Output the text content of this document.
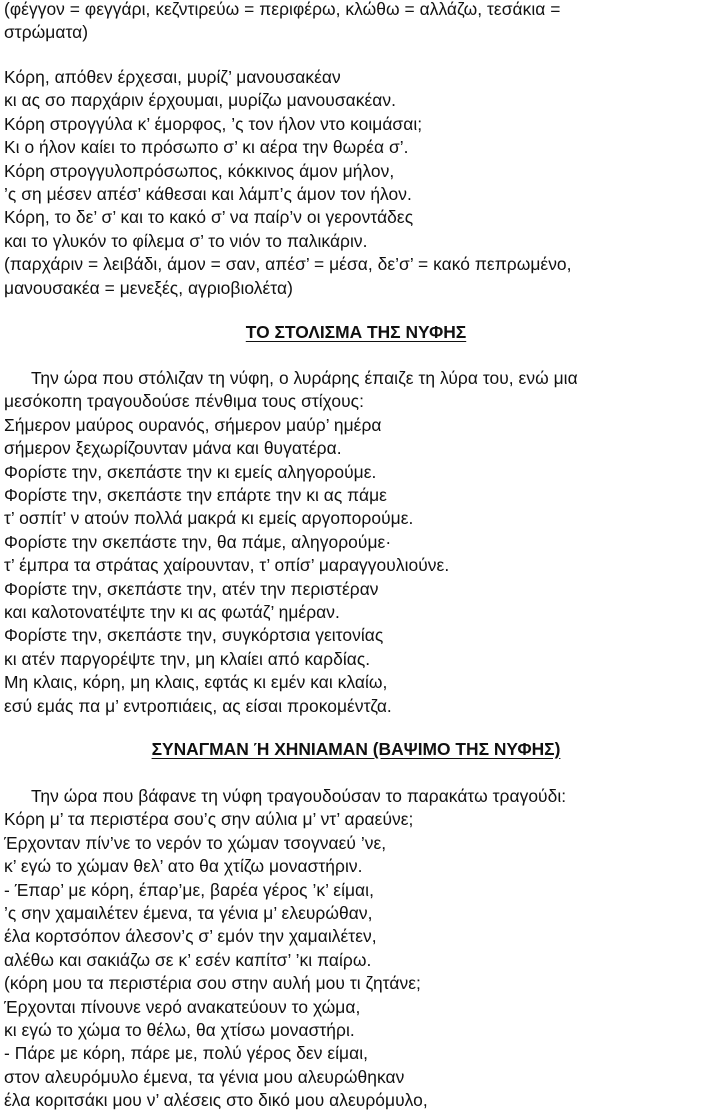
(φέγγον = φεγγάρι, κεζντιρεύω = περιφέρω, κλώθω = αλλάζω, τεσάκια =
στρώματα)
Κόρη, απόθεν έρχεσαι, μυρίζ’ μανουσακέαν
κι ας σο παρχάριν έρχουμαι, μυρίζω μανουσακέαν.
Κόρη στρογγύλα κ’ έμορφος, ’ς τον ήλον ντο κοιμάσαι;
Κι ο ήλον καίει το πρόσωπο σ’ κι αέρα την θωρέα σ’.
Κόρη στρογγυλοπρόσωπος, κόκκινος άμον μήλον,
’ς ση μέσεν απέσ’ κάθεσαι και λάμπ’ς άμον τον ήλον.
Κόρη, το δε’ σ’ και το κακό σ’ να παίρ’ν οι γεροντάδες
και το γλυκόν το φίλεμα σ’ το νιόν το παλικάριν.
(παρχάριν = λειβάδι, άμον = σαν, απέσ’ = μέσα, δε’σ’ = κακό πεπρωμένο,
μανουσακέα = μενεξές, αγριοβιολέτα)
ΤΟ ΣΤΟΛΙΣΜΑ ΤΗΣ ΝΥΦΗΣ
Την ώρα που στόλιζαν τη νύφη, ο λυράρης έπαιζε τη λύρα του, ενώ μια
μεσόκοπη τραγουδούσε πένθιμα τους στίχους:
Σήμερον μαύρος ουρανός, σήμερον μαύρ’ ημέρα
σήμερον ξεχωρίζουνταν μάνα και θυγατέρα.
Φορίστε την, σκεπάστε την κι εμείς αληγορούμε.
Φορίστε την, σκεπάστε την επάρτε την κι ας πάμε
τ’ οσπίτ’ ν ατούν πολλά μακρά κι εμείς αργοπορούμε.
Φορίστε την σκεπάστε την, θα πάμε, αληγορούμε·
τ’ έμπρα τα στράτας χαίρουνταν, τ’ οπίσ’ μαραγγουλιούνε.
Φορίστε την, σκεπάστε την, ατέν την περιστέραν
και καλοτονατέψτε την κι ας φωτάζ’ ημέραν.
Φορίστε την, σκεπάστε την, συγκόρτσια γειτονίας
κι ατέν παργορέψτε την, μη κλαίει από καρδίας.
Μη κλαις, κόρη, μη κλαις, εφτάς κι εμέν και κλαίω,
εσύ εμάς πα μ’ εντροπιάεις, ας είσαι προκομέντζα.
ΣΥΝΑΓΜΑΝ Ή ΧΗΝΙΑΜΑΝ (ΒΑΨΙΜΟ ΤΗΣ ΝΥΦΗΣ)
Την ώρα που βάφανε τη νύφη τραγουδούσαν το παρακάτω τραγούδι:
Κόρη μ’ τα περιστέρα σου’ς σην αύλια μ’ ντ’ αραεύνε;
Έρχονταν πίν’νε το νερόν το χώμαν τσογναεύ ’νε,
κ’ εγώ το χώμαν θελ’ ατο θα χτίζω μοναστήριν.
- Έπαρ’ με κόρη, έπαρ’με, βαρέα γέρος ’κ’ είμαι,
’ς σην χαμαιλέτεν έμενα, τα γένια μ’ ελευρώθαν,
έλα κορτσόπον άλεσον’ς σ’ εμόν την χαμαιλέτεν,
αλέθω και σακιάζω σε κ’ εσέν καπίτσ’ ’κι παίρω.
(κόρη μου τα περιστέρια σου στην αυλή μου τι ζητάνε;
Έρχονται πίνουνε νερό ανακατεύουν το χώμα,
κι εγώ το χώμα το θέλω, θα χτίσω μοναστήρι.
- Πάρε με κόρη, πάρε με, πολύ γέρος δεν είμαι,
στον αλευρόμυλο έμενα, τα γένια μου αλευρώθηκαν
έλα κοριτσάκι μου ν’ αλέσεις στο δικό μου αλευρόμυλο,
